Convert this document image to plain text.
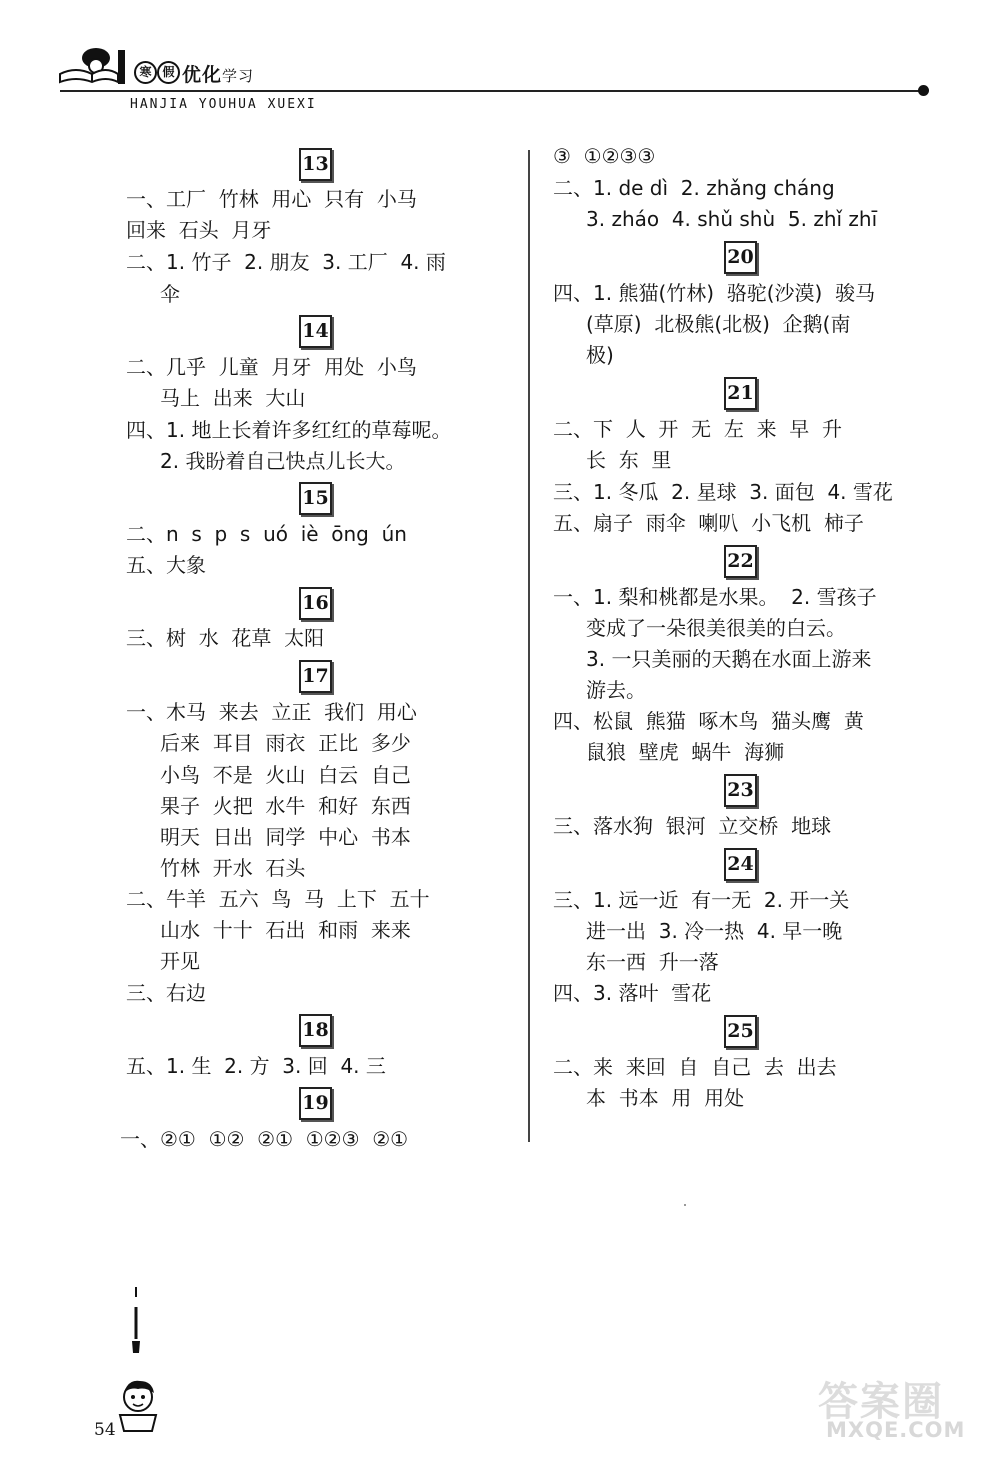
寒 假 优化学习
HANJIA YOUHUA XUEXI
13
一、工厂  竹林  用心  只有  小马
回来  石头  月牙
二、1. 竹子  2. 朋友  3. 工厂  4. 雨
伞
14
二、几乎  儿童  月牙  用处  小鸟
马上  出来  大山
四、1. 地上长着许多红红的草莓呢。
2. 我盼着自己快点儿长大。
15
二、n  s  p  s  uó  iè  ōng  ún
五、大象
16
三、树  水  花草  太阳
17
一、木马  来去  立正  我们  用心
后来  耳目  雨衣  正比  多少
小鸟  不是  火山  白云  自己
果子  火把  水牛  和好  东西
明天  日出  同学  中心  书本
竹林  开水  石头
二、牛羊  五六  鸟  马  上下  五十
山水  十十  石出  和雨  来来
开见
三、右边
18
五、1. 生  2. 方  3. 回  4. 三
19
一、②①  ①②  ②①  ①②③  ②①
③  ①②③③
二、1. de dì  2. zhǎng cháng
3. zháo  4. shǔ shù  5. zhǐ zhī
20
四、1. 熊猫(竹林)  骆驼(沙漠)  骏马
(草原)  北极熊(北极)  企鹅(南
极)
21
二、下  人  开  无  左  来  早  升
长  东  里
三、1. 冬瓜  2. 星球  3. 面包  4. 雪花
五、扇子  雨伞  喇叭  小飞机  柿子
22
一、1. 梨和桃都是水果。  2. 雪孩子
变成了一朵很美很美的白云。
3. 一只美丽的天鹅在水面上游来
游去。
四、松鼠  熊猫  啄木鸟  猫头鹰  黄
鼠狼  壁虎  蜗牛  海狮
23
三、落水狗  银河  立交桥  地球
24
三、1. 远一近  有一无  2. 开一关
进一出  3. 冷一热  4. 早一晚
东一西  升一落
四、3. 落叶  雪花
25
二、来  来回  自  自己  去  出去
本  书本  用  用处
54
答案圈
MXQE.COM
